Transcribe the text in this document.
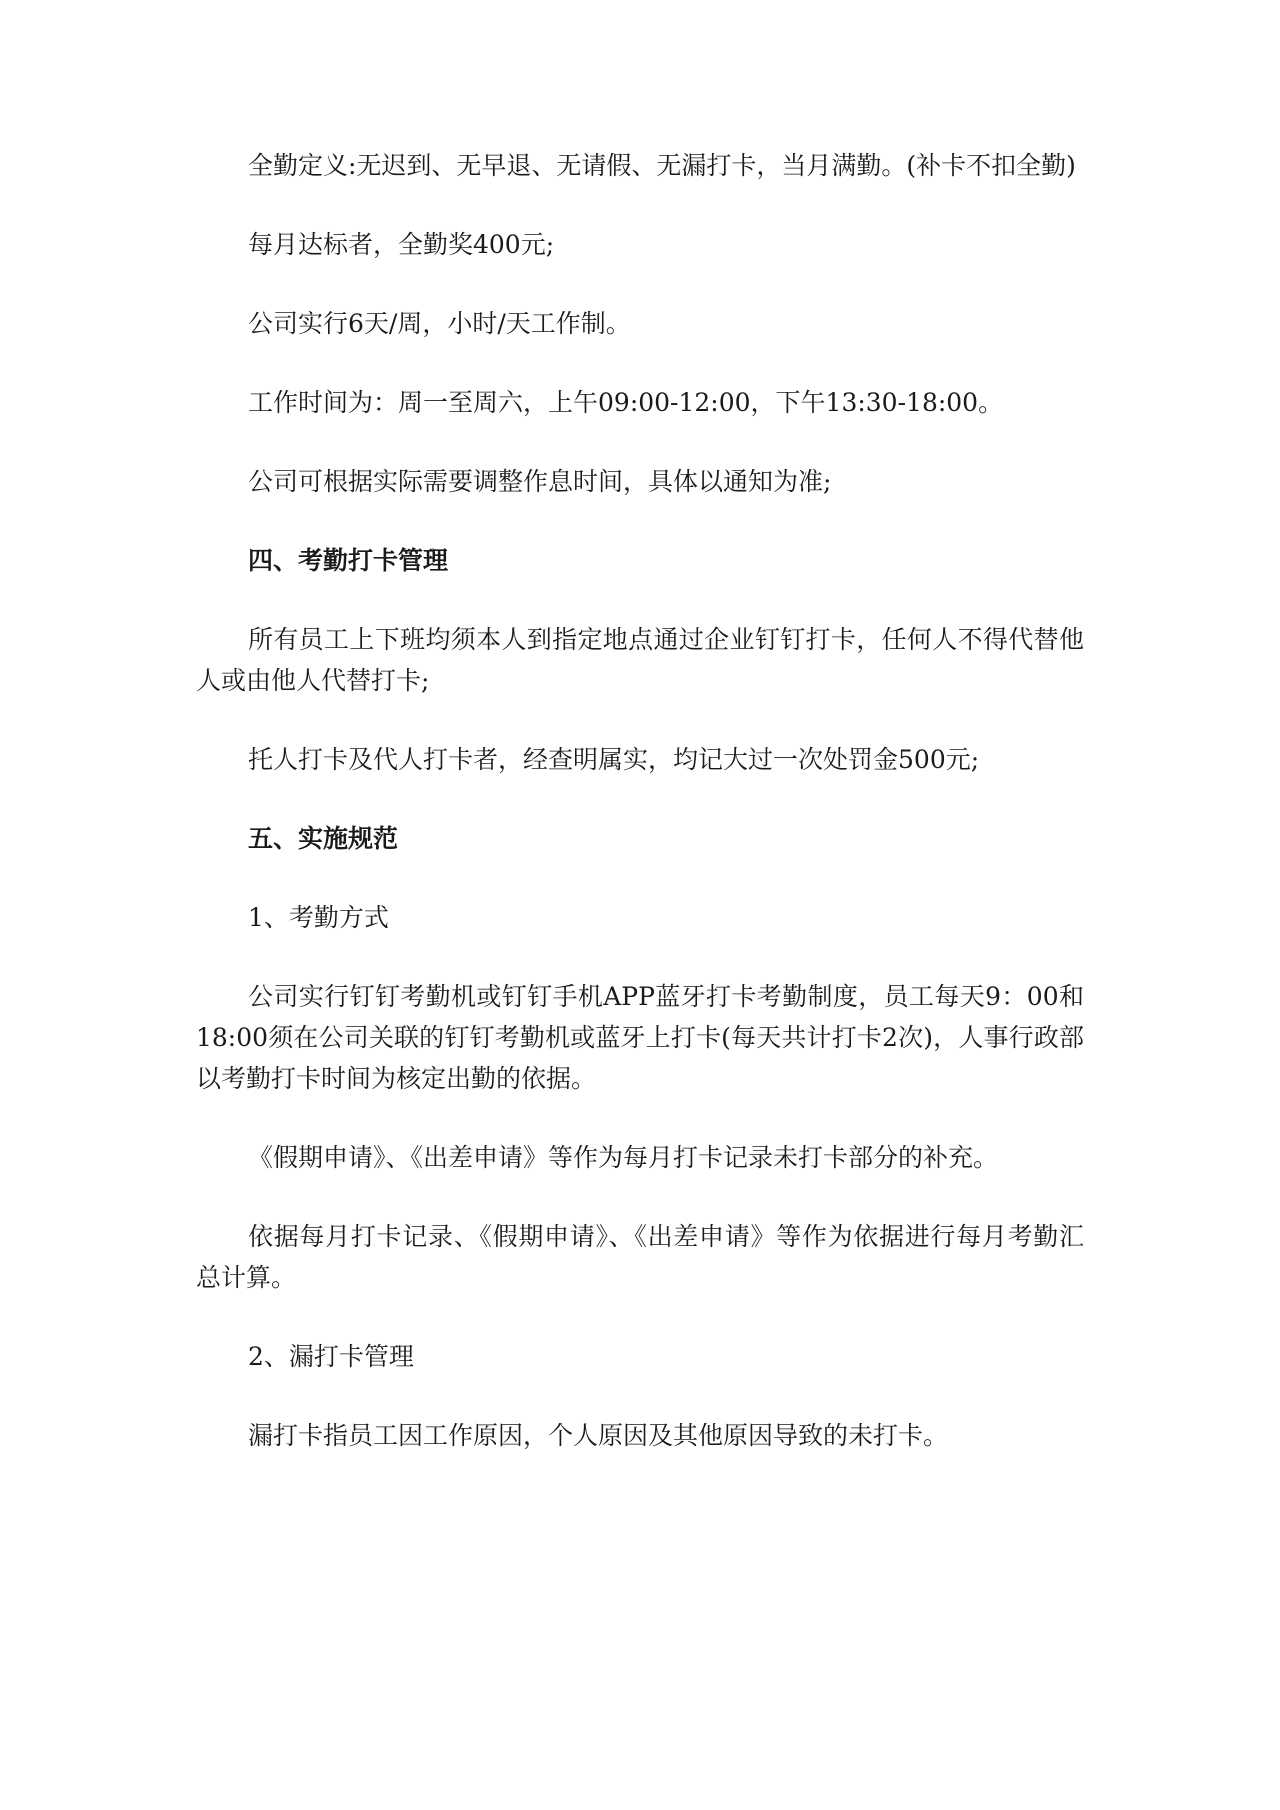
全勤定义:无迟到、无早退、无请假、无漏打卡，当月满勤。(补卡不扣全勤)

每月达标者，全勤奖400元;

公司实行6天/周，小时/天工作制。

工作时间为：周一至周六，上午09:00-12:00，下午13:30-18:00。

公司可根据实际需要调整作息时间，具体以通知为准;

四、考勤打卡管理

所有员工上下班均须本人到指定地点通过企业钉钉打卡，任何人不得代替他人或由他人代替打卡;

托人打卡及代人打卡者，经查明属实，均记大过一次处罚金500元;

五、实施规范

1、考勤方式

公司实行钉钉考勤机或钉钉手机APP蓝牙打卡考勤制度，员工每天9：00和18:00须在公司关联的钉钉考勤机或蓝牙上打卡(每天共计打卡2次)，人事行政部以考勤打卡时间为核定出勤的依据。

《假期申请》、《出差申请》等作为每月打卡记录未打卡部分的补充。

依据每月打卡记录、《假期申请》、《出差申请》等作为依据进行每月考勤汇总计算。

2、漏打卡管理

漏打卡指员工因工作原因，个人原因及其他原因导致的未打卡。
